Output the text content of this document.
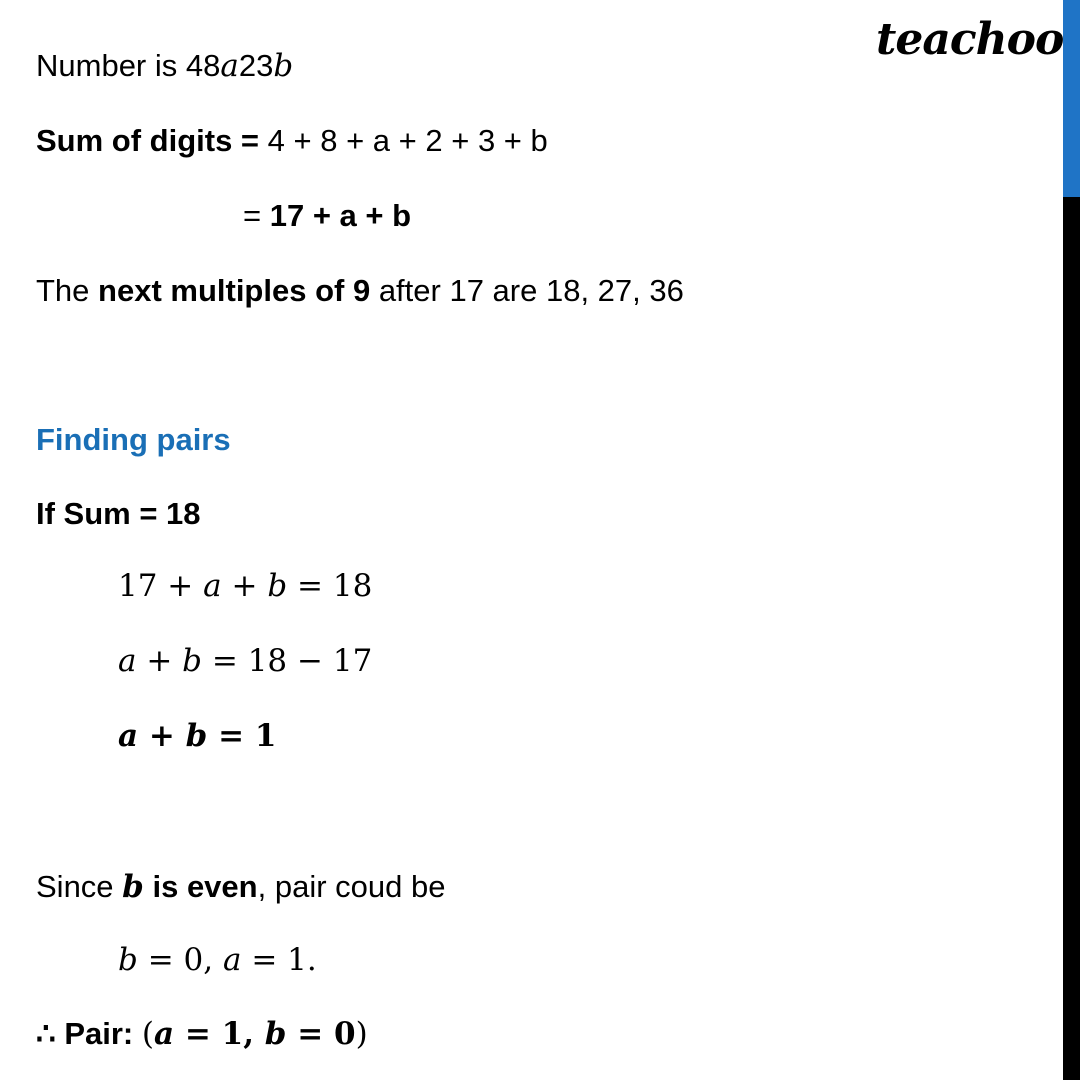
teachoo
Number is 48a23b
Sum of digits = 4 + 8 + a + 2 + 3 + b
= 17 + a + b
The next multiples of 9 after 17 are 18, 27, 36
Finding pairs
If Sum = 18
17 + a + b = 18
a + b = 18 − 17
a + b = 1
Since b is even, pair coud be
b = 0, a = 1.
∴ Pair: (a = 1, b = 0)
